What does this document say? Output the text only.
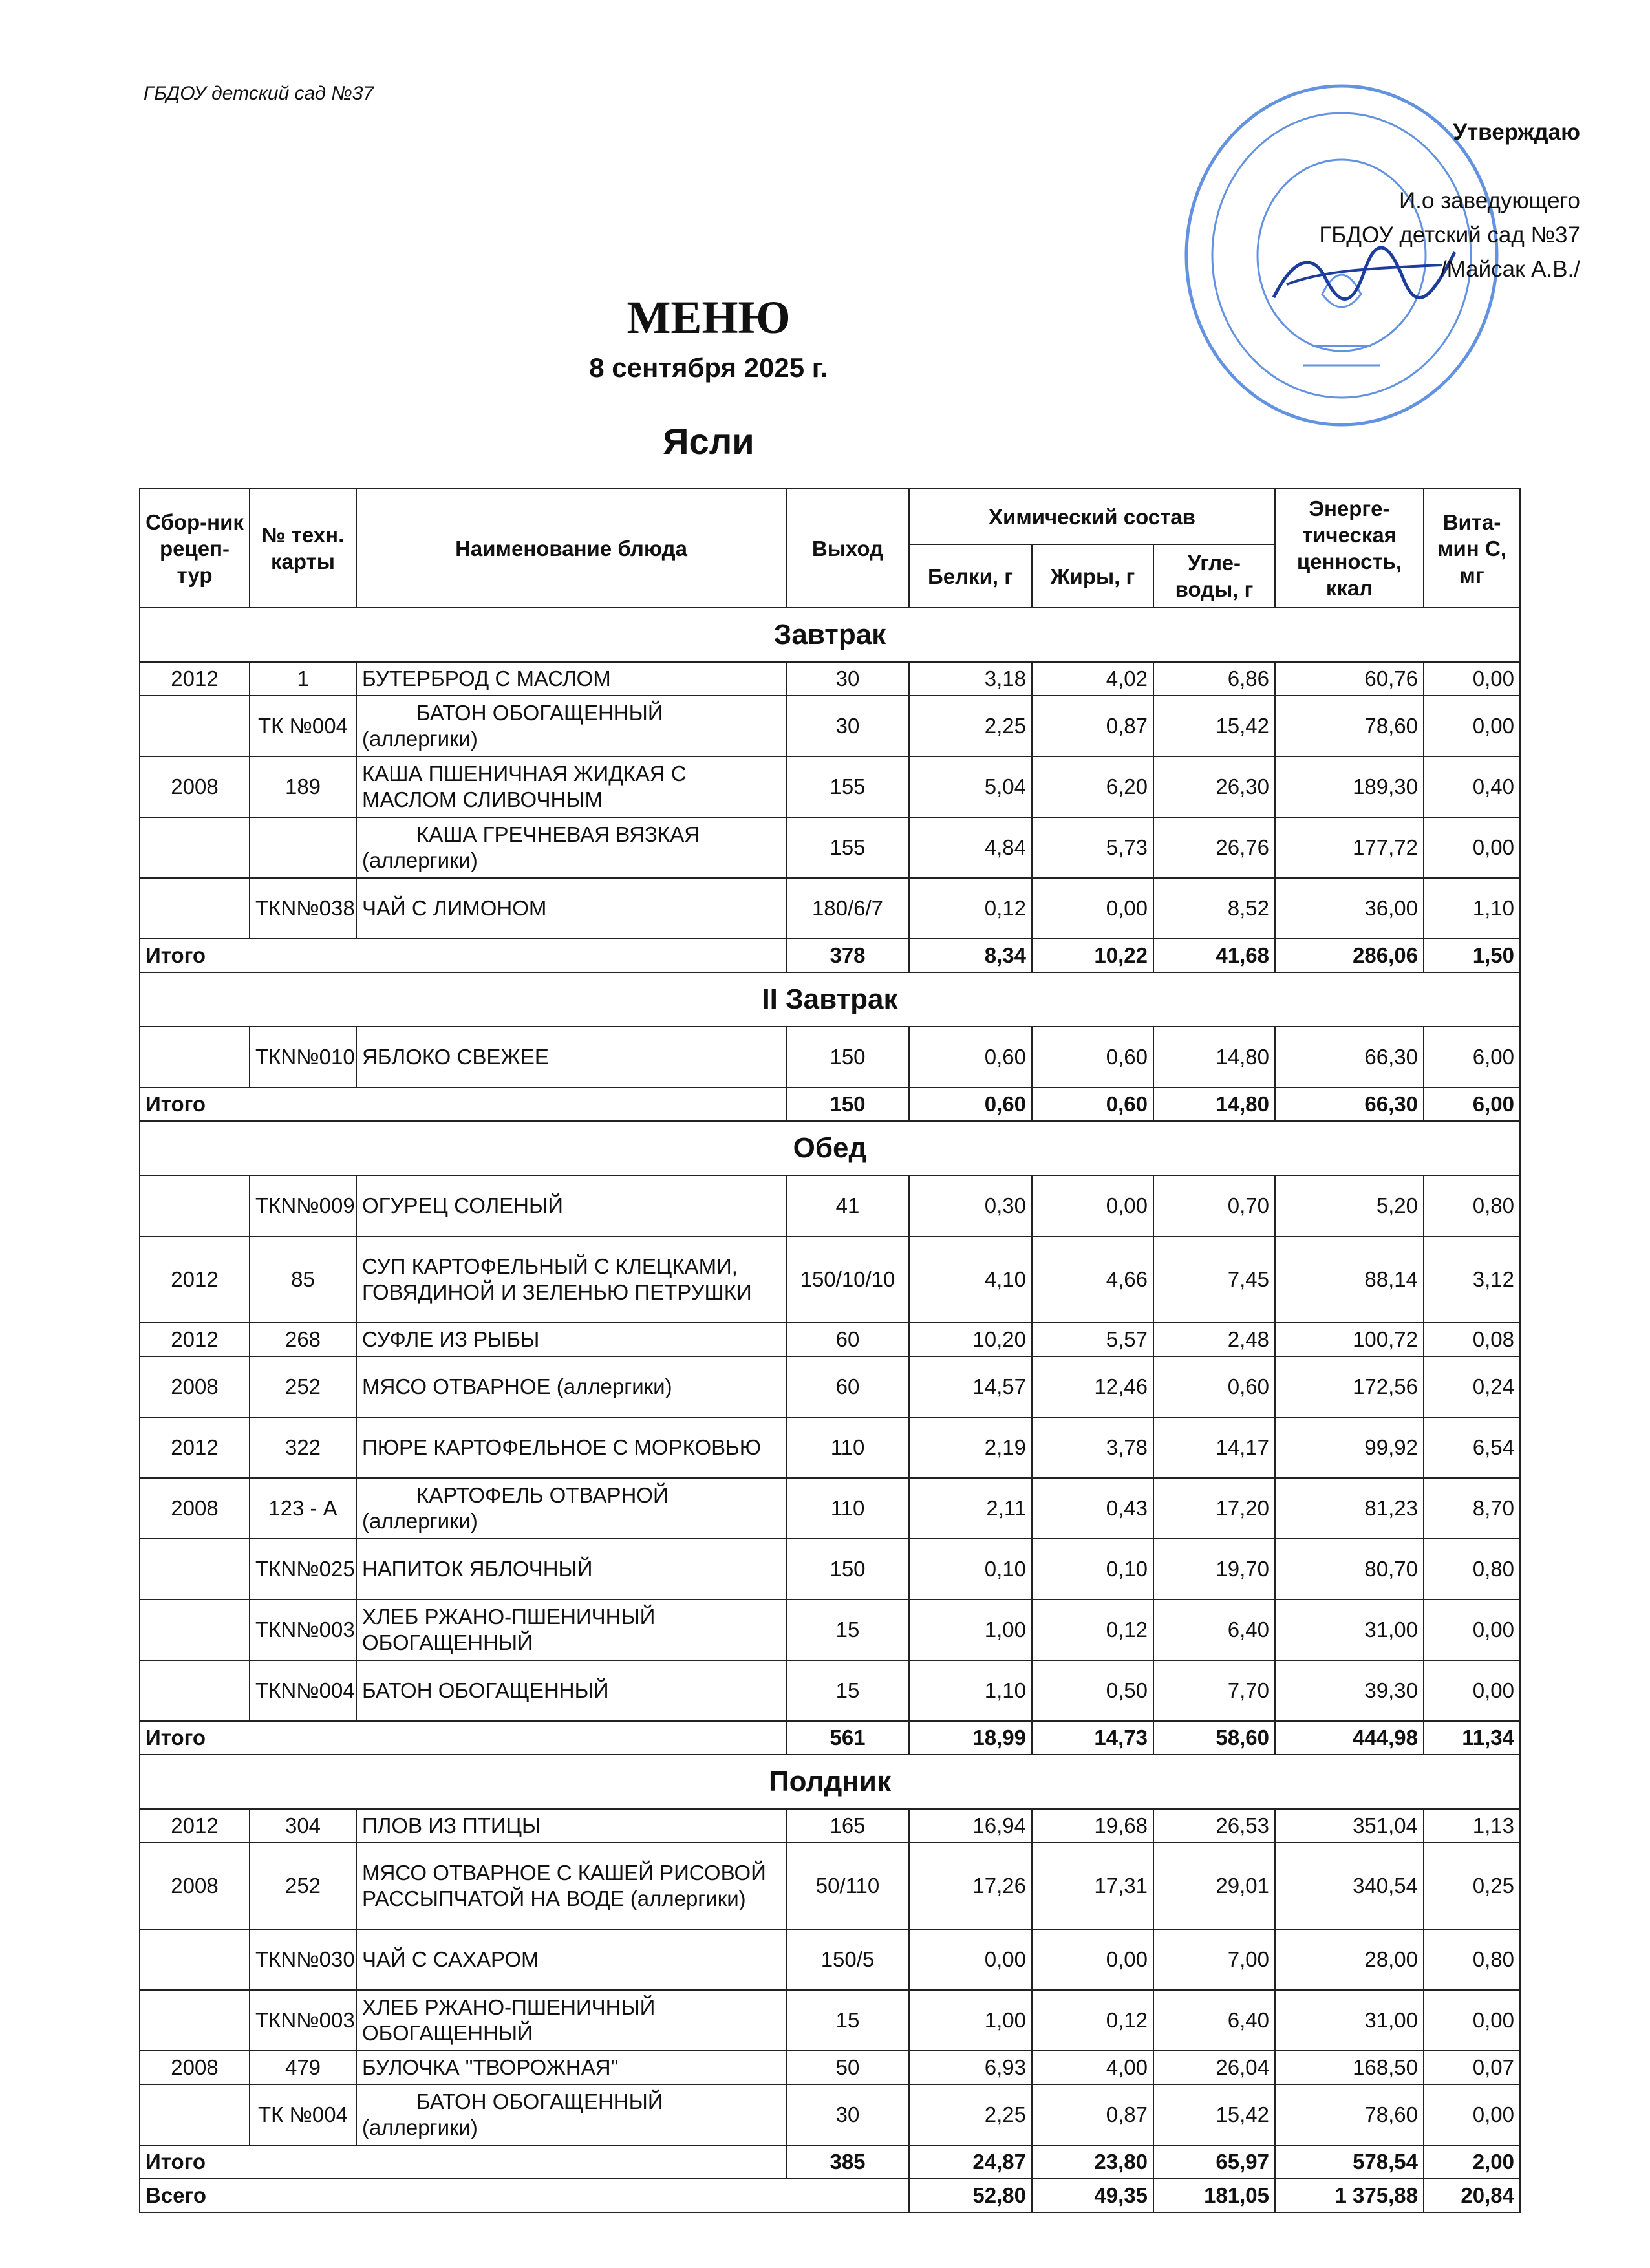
ГБДОУ детский сад №37
Утверждаю
И.о заведующего
ГБДОУ детский сад №37
/Майсак А.В./
МЕНЮ
8 сентября 2025 г.
Ясли
Сбор-ник рецеп-тур	№ техн. карты	Наименование блюда	Выход	Химический состав			Энерге-тическая ценность, ккал	Вита-мин С, мг
				Белки, г	Жиры, г	Угле-воды, г		
Завтрак								
2012	1	БУТЕРБРОД С МАСЛОМ	30	3,18	4,02	6,86	60,76	0,00
	ТК №004	БАТОН ОБОГАЩЕННЫЙ
(аллергики)	30	2,25	0,87	15,42	78,60	0,00
2008	189	КАША ПШЕНИЧНАЯ ЖИДКАЯ С МАСЛОМ СЛИВОЧНЫМ	155	5,04	6,20	26,30	189,30	0,40

		КАША ГРЕЧНЕВАЯ ВЯЗКАЯ
(аллергики)	155	4,84	5,73	26,76	177,72	0,00
	ТКN№038	ЧАЙ С ЛИМОНОМ	180/6/7	0,12	0,00	8,52	36,00	1,10
Итого			378	8,34	10,22	41,68	286,06	1,50
II Завтрак								
	ТКN№010	ЯБЛОКО СВЕЖЕЕ	150	0,60	0,60	14,80	66,30	6,00
Итого			150	0,60	0,60	14,80	66,30	6,00
Обед								
	ТКN№009	ОГУРЕЦ СОЛЕНЫЙ	41	0,30	0,00	0,70	5,20	0,80
2012	85	СУП КАРТОФЕЛЬНЫЙ С КЛЕЦКАМИ, ГОВЯДИНОЙ И ЗЕЛЕНЬЮ ПЕТРУШКИ	150/10/10	4,10	4,66	7,45	88,14	3,12
2012	268	СУФЛЕ ИЗ РЫБЫ	60	10,20	5,57	2,48	100,72	0,08
2008	252	МЯСО ОТВАРНОЕ (аллергики)	60	14,57	12,46	0,60	172,56	0,24
2012	322	ПЮРЕ КАРТОФЕЛЬНОЕ С МОРКОВЬЮ	110	2,19	3,78	14,17	99,92	6,54
2008	123 - А	КАРТОФЕЛЬ ОТВАРНОЙ
(аллергики)	110	2,11	0,43	17,20	81,23	8,70
	ТКN№025	НАПИТОК ЯБЛОЧНЫЙ	150	0,10	0,10	19,70	80,70	0,80
	ТКN№003	ХЛЕБ РЖАНО-ПШЕНИЧНЫЙ ОБОГАЩЕННЫЙ	15	1,00	0,12	6,40	31,00	0,00
	ТКN№004	БАТОН ОБОГАЩЕННЫЙ	15	1,10	0,50	7,70	39,30	0,00
Итого			561	18,99	14,73	58,60	444,98	11,34
Полдник								
2012	304	ПЛОВ ИЗ ПТИЦЫ	165	16,94	19,68	26,53	351,04	1,13
2008	252	МЯСО ОТВАРНОЕ С КАШЕЙ РИСОВОЙ РАССЫПЧАТОЙ НА ВОДЕ (аллергики)	50/110	17,26	17,31	29,01	340,54	0,25
	ТКN№030	ЧАЙ С САХАРОМ	150/5	0,00	0,00	7,00	28,00	0,80
	ТКN№003	ХЛЕБ РЖАНО-ПШЕНИЧНЫЙ ОБОГАЩЕННЫЙ	15	1,00	0,12	6,40	31,00	0,00
2008	479	БУЛОЧКА "ТВОРОЖНАЯ"	50	6,93	4,00	26,04	168,50	0,07
	ТК №004	БАТОН ОБОГАЩЕННЫЙ
(аллергики)	30	2,25	0,87	15,42	78,60	0,00
Итого			385	24,87	23,80	65,97	578,54	2,00
Всего				52,80	49,35	181,05	1 375,88	20,84
